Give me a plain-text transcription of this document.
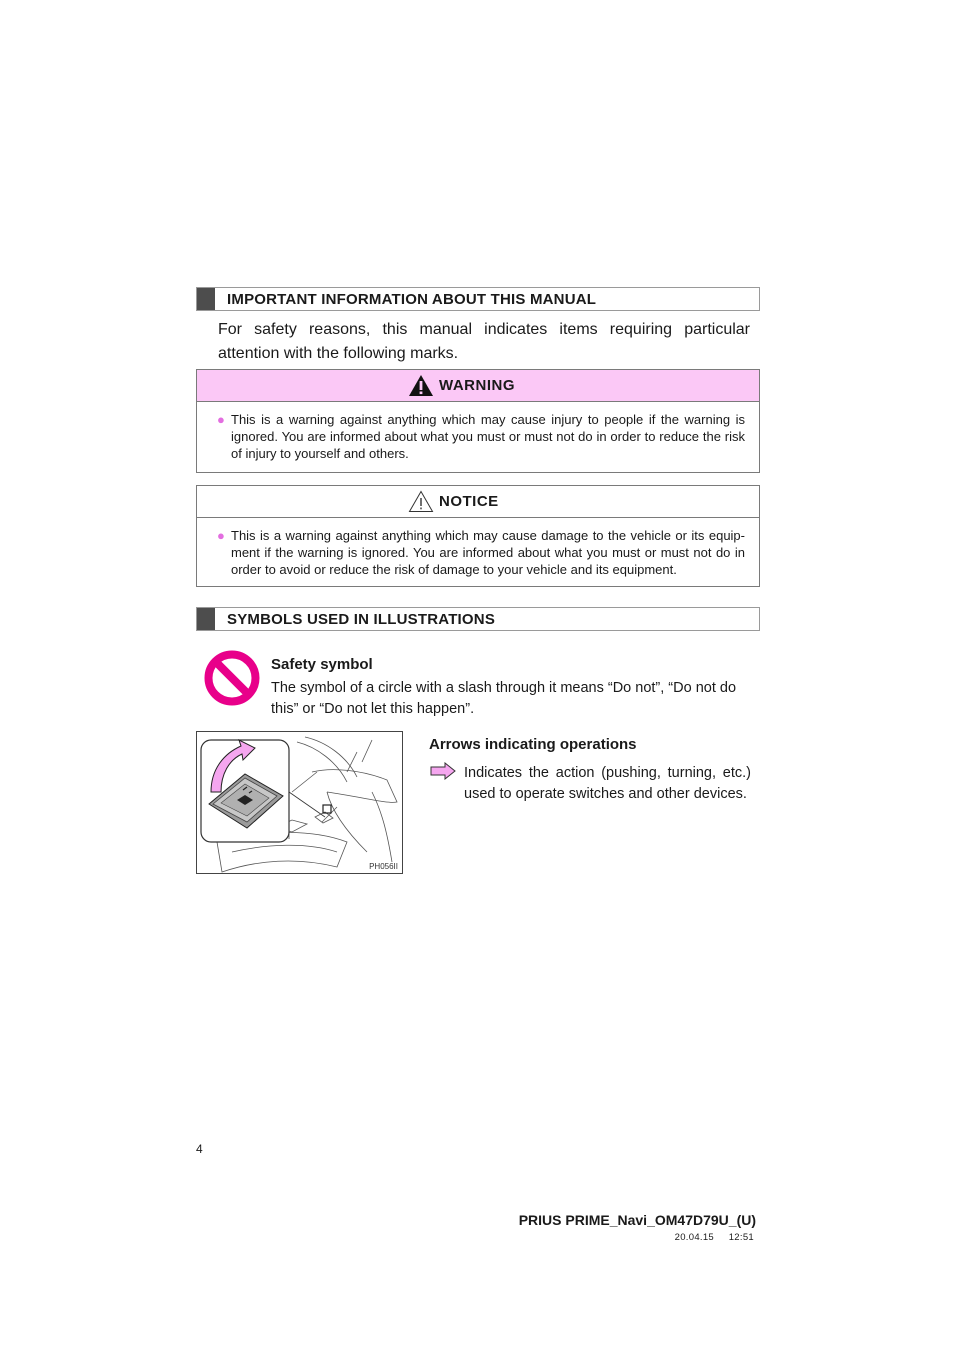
IMPORTANT INFORMATION ABOUT THIS MANUAL
For safety reasons, this manual indicates items requiring particular attention with the following marks.
WARNING
● This is a warning against anything which may cause injury to people if the warning is ignored. You are informed about what you must or must not do in order to reduce the risk of injury to yourself and others.
NOTICE
● This is a warning against anything which may cause damage to the vehicle or its equip-ment if the warning is ignored. You are informed about what you must or must not do in order to avoid or reduce the risk of damage to your vehicle and its equipment.
SYMBOLS USED IN ILLUSTRATIONS
Safety symbol
The symbol of a circle with a slash through it means “Do not”, “Do not do this” or “Do not let this happen”.
PH056II
Arrows indicating operations
Indicates the action (pushing, turning, etc.) used to operate switches and other devices.
4
PRIUS PRIME_Navi_OM47D79U_(U)
20.04.15     12:51
